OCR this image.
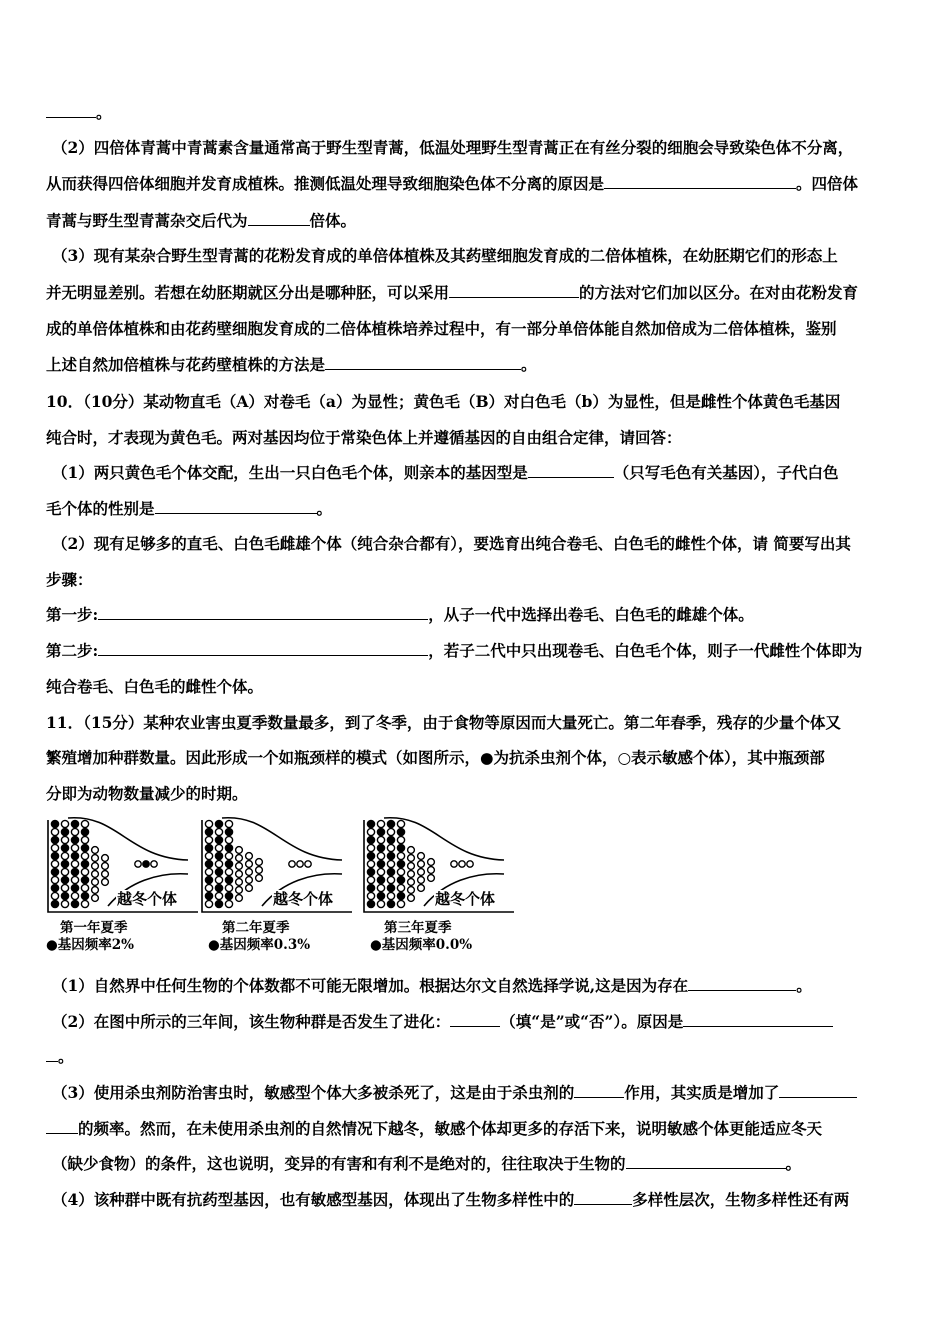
。
（2）四倍体青蒿中青蒿素含量通常高于野生型青蒿，低温处理野生型青蒿正在有丝分裂的细胞会导致染色体不分离，
从而获得四倍体细胞并发育成植株。推测低温处理导致细胞染色体不分离的原因是	。四倍体
青蒿与野生型青蒿杂交后代为	倍体。
（3）现有某杂合野生型青蒿的花粉发育成的单倍体植株及其药壁细胞发育成的二倍体植株，在幼胚期它们的形态上
并无明显差别。若想在幼胚期就区分出是哪种胚，可以采用	的方法对它们加以区分。在对由花粉发育
成的单倍体植株和由花药壁细胞发育成的二倍体植株培养过程中，有一部分单倍体能自然加倍成为二倍体植株，鉴别
上述自然加倍植株与花药壁植株的方法是	。
10．（10分）某动物直毛（A）对卷毛（a）为显性；黄色毛（B）对白色毛（b）为显性，但是雌性个体黄色毛基因
纯合时，才表现为黄色毛。两对基因均位于常染色体上并遵循基因的自由组合定律，请回答：
（1）两只黄色毛个体交配，生出一只白色毛个体，则亲本的基因型是	（只写毛色有关基因），子代白色
毛个体的性别是	。
（2）现有足够多的直毛、白色毛雌雄个体（纯合杂合都有），要选育出纯合卷毛、白色毛的雌性个体，请 简要写出其
步骤：
第一步:	，从子一代中选择出卷毛、白色毛的雌雄个体。
第二步:	，若子二代中只出现卷毛、白色毛个体，则子一代雌性个体即为
纯合卷毛、白色毛的雌性个体。
11．（15分）某种农业害虫夏季数量最多，到了冬季，由于食物等原因而大量死亡。第二年春季，残存的少量个体又
繁殖增加种群数量。因此形成一个如瓶颈样的模式（如图所示，●为抗杀虫剂个体，○表示敏感个体），其中瓶颈部
分即为动物数量减少的时期。
越冬个体	越冬个体	越冬个体
第一年夏季
●基因频率2%
第二年夏季
●基因频率0.3%
第三年夏季
●基因频率0.0%
（1）自然界中任何生物的个体数都不可能无限增加。根据达尔文自然选择学说,这是因为存在	。
（2）在图中所示的三年间，该生物种群是否发生了进化：	（填“是”或“否”）。原因是
。
（3）使用杀虫剂防治害虫时，敏感型个体大多被杀死了，这是由于杀虫剂的	作用，其实质是增加了
的频率。然而，在未使用杀虫剂的自然情况下越冬，敏感个体却更多的存活下来，说明敏感个体更能适应冬天
（缺少食物）的条件，这也说明，变异的有害和有利不是绝对的，往往取决于生物的	。
（4）该种群中既有抗药型基因，也有敏感型基因，体现出了生物多样性中的	多样性层次，生物多样性还有两
